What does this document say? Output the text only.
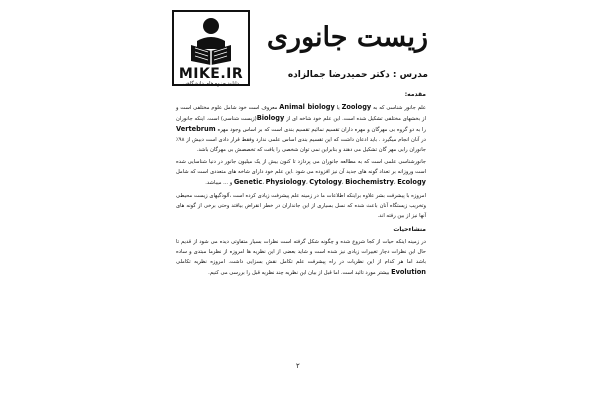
MIKE.IR
دانلود جزوه های دانشگاهی
زیست جانوری
مدرس : دکتر حمیدرضا جمالزاده
مقدمه:

علم جانور شناسی که به Zoology یا Animal biology معروف است خود شامل علوم مختلفی است و از بخشهای مختلفی تشکیل شده است. این علم خود شاخه ای از Biology(زیست شناسی) است. اینکه جانوران را به دو گروه بی مهرگان و مهره داران تقسیم نمائیم تقسیم بندی است که بر اساس وجود مهره Vertebrum در آنان انجام میگیرد . باید اذعان داشت که این تقسیم بندی اساس علمی ندارد وفقط قرار دادی است دبیش از ۹۸٪ جانوران رابی مهر گان تشکیل می دهند و بنابراین نمی توان شخصی را یافت که تخصصش بی مهرگان باشد.

جانورشناسی علمی است که به مطالعه جانوران می پردازد تا کنون بیش از یک میلیون جانور در دنیا شناسایی شده است وروزانه بر تعداد گونه های جدید آن نیز افزوده می شود .این علم خود دارای شاخه های متعددی است که شامل Genetic، Physiology، Cytology، Biochemistry، Ecology و ... میباشد.

امروزه با پیشرفت بشر علاوه براینکه اطلاعات ما در زمینه علم پیشرفت زیادی کرده است ،آلودگیهای زیست محیطی وتخریب زیستگاه آنان باعث شده که نسل بسیاری از این جانداران در خطر انقراض بیافتد وحتی برخی از گونه های آنها نیز از بین رفته اند.

منشاءحیات

در زمینه اینکه حیات از کجا شروع شده و چگونه شکل گرفته است نظرات بسیار متفاوتی دیده می شود از قدیم تا حال این نظرات دچار تغییرات زیادی نیز شده است و شاید بعضی از این نظریه ها امروزه از نظرما مبتدی و ساده باشد اما هر کدام از این نظریات در راه پیشرفت علم تکامل نقش بسزایی داشت. امروزه نظریه تکاملی Evolution بیشتر مورد تائید است. اما قبل از بیان این نظریه چند نظریه قبل را بررسی می کنیم.

۲
